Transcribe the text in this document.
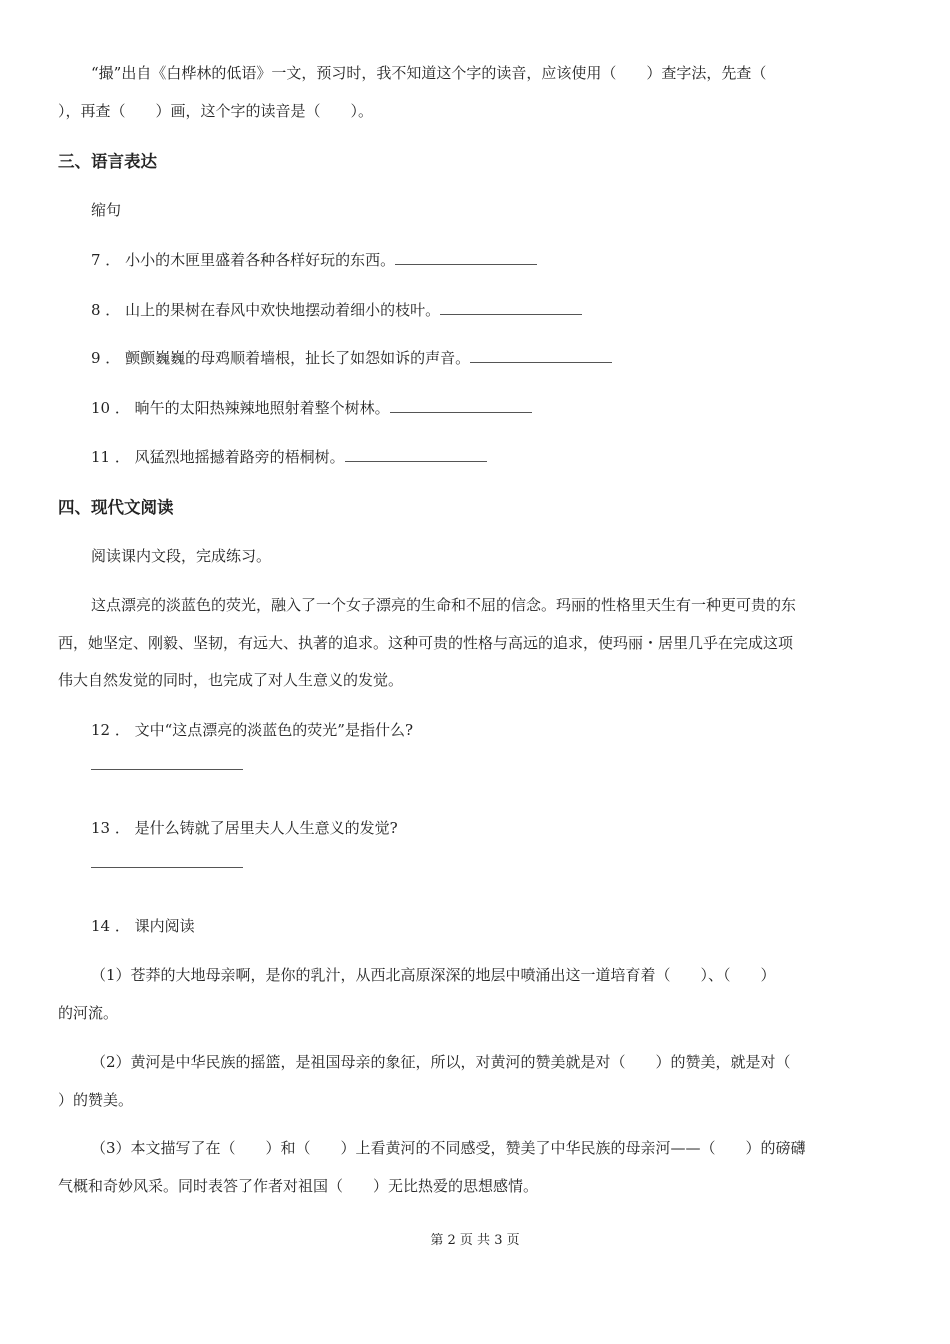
“撮”出自《白桦林的低语》一文，预习时，我不知道这个字的读音，应该使用（　　）查字法，先查（
），再查（　　）画，这个字的读音是（　　）。
三、语言表达
缩句
7 ． 小小的木匣里盛着各种各样好玩的东西。
8 ． 山上的果树在春风中欢快地摆动着细小的枝叶。
9 ． 颤颤巍巍的母鸡顺着墙根，扯长了如怨如诉的声音。
10 ． 晌午的太阳热辣辣地照射着整个树林。
11 ． 风猛烈地摇撼着路旁的梧桐树。
四、现代文阅读
阅读课内文段，完成练习。
这点漂亮的淡蓝色的荧光，融入了一个女子漂亮的生命和不屈的信念。玛丽的性格里天生有一种更可贵的东
西，她坚定、刚毅、坚韧，有远大、执著的追求。这种可贵的性格与高远的追求，使玛丽・居里几乎在完成这项
伟大自然发觉的同时，也完成了对人生意义的发觉。
12 ． 文中“这点漂亮的淡蓝色的荧光”是指什么?
13 ． 是什么铸就了居里夫人人生意义的发觉?
14 ． 课内阅读
（1）苍莽的大地母亲啊，是你的乳汁，从西北高原深深的地层中喷涌出这一道培育着（　　）、（　　）
的河流。
（2）黄河是中华民族的摇篮，是祖国母亲的象征，所以，对黄河的赞美就是对（　　）的赞美，就是对（
）的赞美。
（3）本文描写了在（　　）和（　　）上看黄河的不同感受，赞美了中华民族的母亲河——（　　）的磅礴
气概和奇妙风采。同时表答了作者对祖国（　　）无比热爱的思想感情。
第 2 页 共 3 页
